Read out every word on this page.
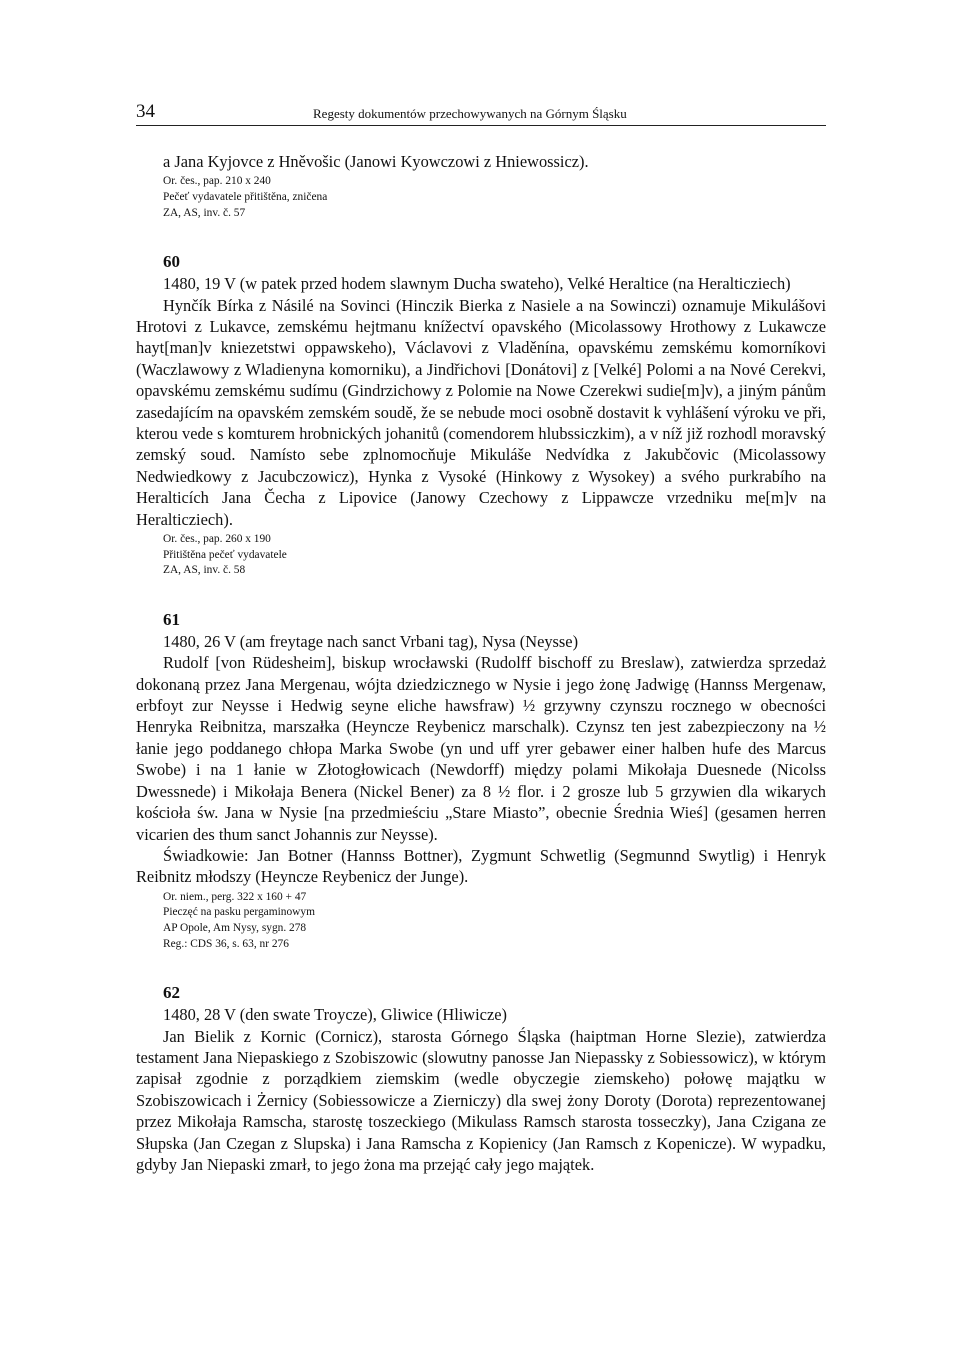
34	Regesty dokumentów przechowywanych na Górnym Śląsku

a Jana Kyjovce z Hněvošic (Janowi Kyowczowi z Hniewossicz).

Or. čes., pap. 210 x 240
Pečeť vydavatele přitištěna, zničena
ZA, AS, inv. č. 57

60

1480, 19 V (w patek przed hodem slawnym Ducha swateho), Velké Heraltice (na Heralticziech)

Hynčík Bírka z Násilé na Sovinci (Hinczik Bierka z Nasiele a na Sowinczi) oznamuje Mikulášovi Hrotovi z Lukavce, zemskému hejtmanu knížectví opavského (Micolassowy Hrothowy z Lukawcze hayt[man]v kniezetstwi oppawskeho), Václavovi z Vladěnína, opavskému zemskému komorníkovi (Waczlawowy z Wladienyna komorniku), a Jindřichovi [Donátovi] z [Velké] Polomi a na Nové Cerekvi, opavskému zemskému sudímu (Gindrzichowy z Polomie na Nowe Czerekwi sudie[m]v), a jiným pánům zasedajícím na opavském zemském soudě, že se nebude moci osobně dostavit k vyhlášení výroku ve při, kterou vede s komturem hrobnických johanitů (comendorem hlubssiczkim), a v níž již rozhodl moravský zemský soud. Namísto sebe zplnomocňuje Mikuláše Nedvídka z Jakubčovic (Micolassowy Nedwiedkowy z Jacubczowicz), Hynka z Vysoké (Hinkowy z Wysokey) a svého purkrabího na Heralticích Jana Čecha z Lipovice (Janowy Czechowy z Lippawcze vrzedniku me[m]v na Heralticziech).

Or. čes., pap. 260 x 190
Přitištěna pečeť vydavatele
ZA, AS, inv. č. 58

61

1480, 26 V (am freytage nach sanct Vrbani tag), Nysa (Neysse)

Rudolf [von Rüdesheim], biskup wrocławski (Rudolff bischoff zu Breslaw), zatwierdza sprzedaż dokonaną przez Jana Mergenau, wójta dziedzicznego w Nysie i jego żonę Jadwigę (Hannss Mergenaw, erbfoyt zur Neysse i Hedwig seyne eliche hawsfraw) ½ grzywny czynszu rocznego w obecności Henryka Reibnitza, marszałka (Heyncze Reybenicz marschalk). Czynsz ten jest zabezpieczony na ½ łanie jego poddanego chłopa Marka Swobe (yn und uff yrer gebawer einer halben hufe des Marcus Swobe) i na 1 łanie w Złotogłowicach (Newdorff) między polami Mikołaja Duesnede (Nicolss Dwessnede) i Mikołaja Benera (Nickel Bener) za 8 ½ flor. i 2 grosze lub 5 grzywien dla wikarych kościoła św. Jana w Nysie [na przedmieściu „Stare Miasto”, obecnie Średnia Wieś] (gesamen herren vicarien des thum sanct Johannis zur Neysse).

Świadkowie: Jan Botner (Hannss Bottner), Zygmunt Schwetlig (Segmunnd Swytlig) i Henryk Reibnitz młodszy (Heyncze Reybenicz der Junge).

Or. niem., perg. 322 x 160 + 47
Pieczęć na pasku pergaminowym
AP Opole, Am Nysy, sygn. 278
Reg.: CDS 36, s. 63, nr 276

62

1480, 28 V (den swate Troycze), Gliwice (Hliwicze)

Jan Bielik z Kornic (Cornicz), starosta Górnego Śląska (haiptman Horne Slezie), zatwierdza testament Jana Niepaskiego z Szobiszowic (slowutny panosse Jan Niepassky z Sobiessowicz), w którym zapisał zgodnie z porządkiem ziemskim (wedle obyczegie ziemskeho) połowę majątku w Szobiszowicach i Żernicy (Sobiessowicze a Zierniczy) dla swej żony Doroty (Dorota) reprezentowanej przez Mikołaja Ramscha, starostę toszeckiego (Mikulass Ramsch starosta tosseczky), Jana Czigana ze Słupska (Jan Czegan z Slupska) i Jana Ramscha z Kopienicy (Jan Ramsch z Kopenicze). W wypadku, gdyby Jan Niepaski zmarł, to jego żona ma przejąć cały jego majątek.
